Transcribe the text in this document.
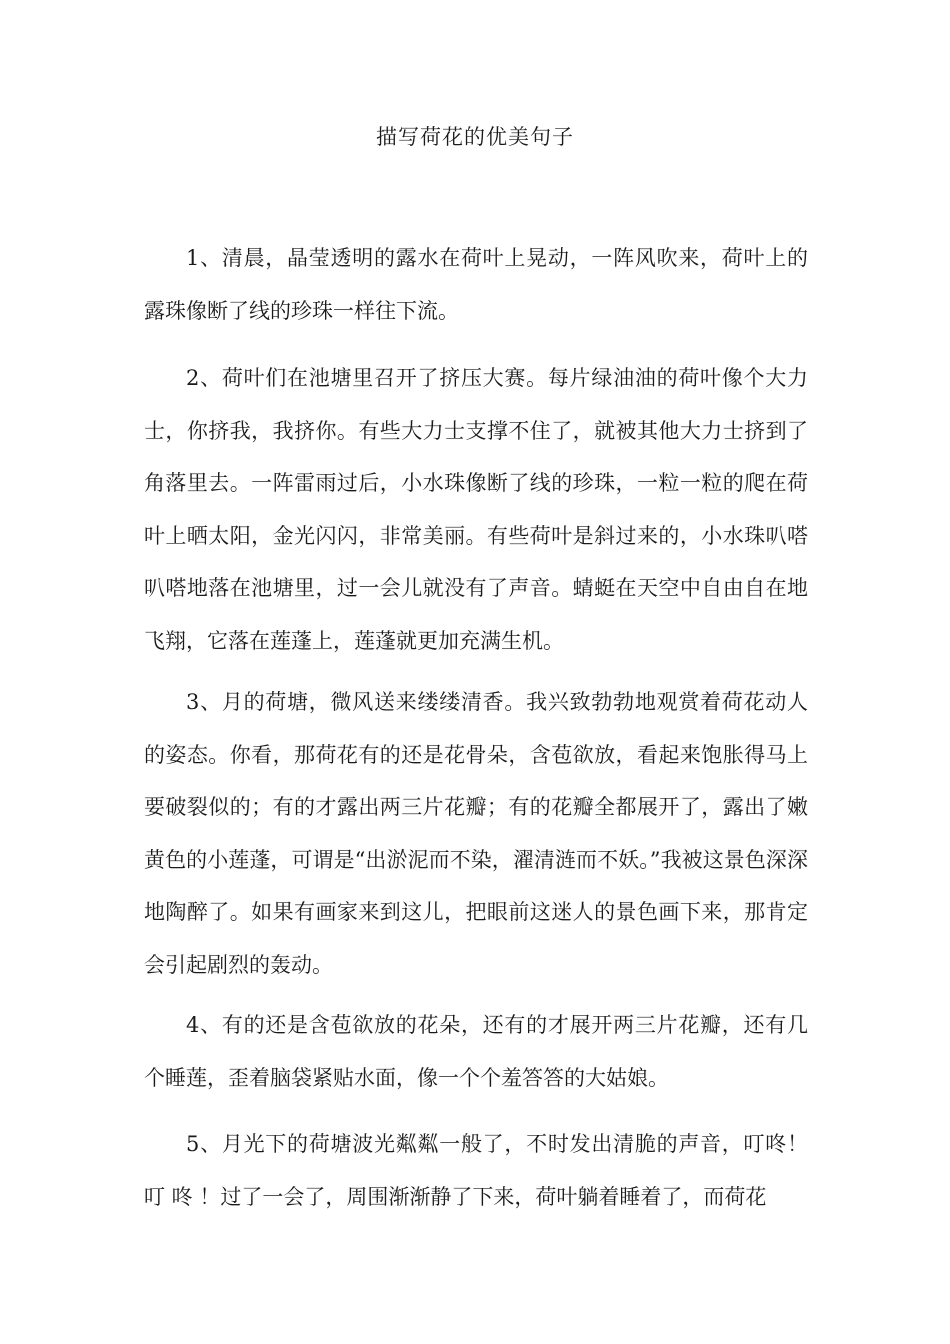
描写荷花的优美句子

1、清晨，晶莹透明的露水在荷叶上晃动，一阵风吹来，荷叶上的露珠像断了线的珍珠一样往下流。

2、荷叶们在池塘里召开了挤压大赛。每片绿油油的荷叶像个大力士，你挤我，我挤你。有些大力士支撑不住了，就被其他大力士挤到了角落里去。一阵雷雨过后，小水珠像断了线的珍珠，一粒一粒的爬在荷叶上晒太阳，金光闪闪，非常美丽。有些荷叶是斜过来的，小水珠叭嗒叭嗒地落在池塘里，过一会儿就没有了声音。蜻蜓在天空中自由自在地飞翔，它落在莲蓬上，莲蓬就更加充满生机。

3、月的荷塘，微风送来缕缕清香。我兴致勃勃地观赏着荷花动人的姿态。你看，那荷花有的还是花骨朵，含苞欲放，看起来饱胀得马上要破裂似的；有的才露出两三片花瓣；有的花瓣全都展开了，露出了嫩黄色的小莲蓬，可谓是“出淤泥而不染，濯清涟而不妖。”我被这景色深深地陶醉了。如果有画家来到这儿，把眼前这迷人的景色画下来，那肯定会引起剧烈的轰动。

4、有的还是含苞欲放的花朵，还有的才展开两三片花瓣，还有几个睡莲，歪着脑袋紧贴水面，像一个个羞答答的大姑娘。

5、月光下的荷塘波光粼粼一般了，不时发出清脆的声音，叮咚！叮 咚 ！过了一会了，周围渐渐静了下来，荷叶躺着睡着了，而荷花
